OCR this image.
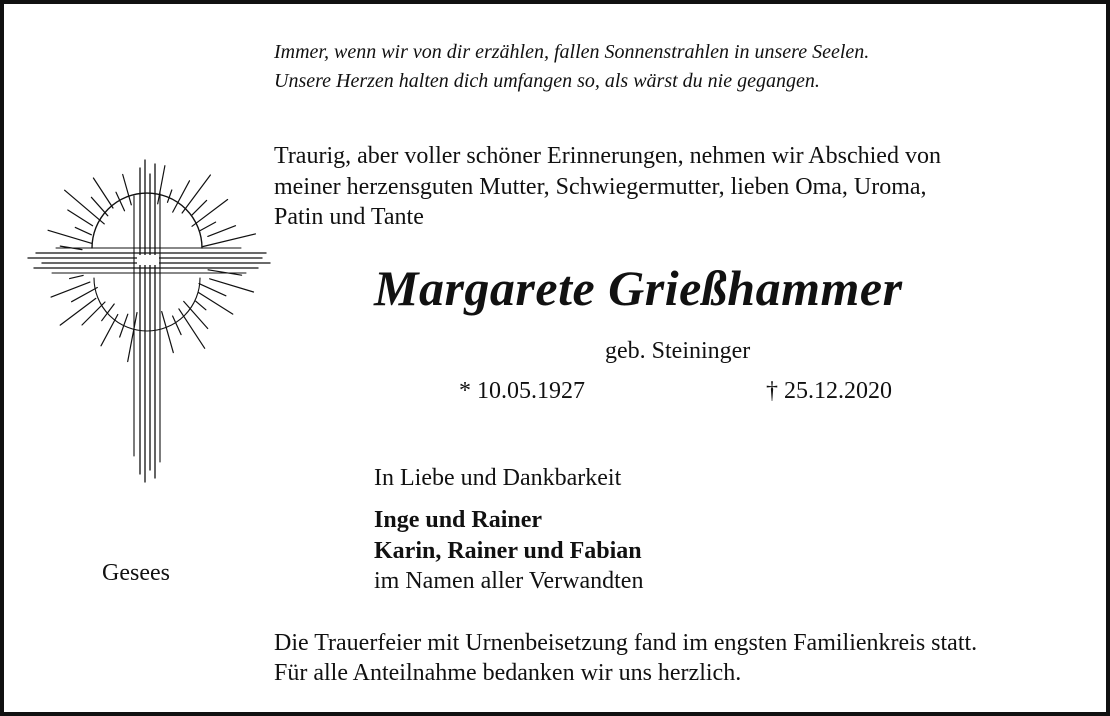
Immer, wenn wir von dir erzählen, fallen Sonnenstrahlen in unsere Seelen.
Unsere Herzen halten dich umfangen so, als wärst du nie gegangen.
Traurig, aber voller schöner Erinnerungen, nehmen wir Abschied von
meiner herzensguten Mutter, Schwiegermutter, lieben Oma, Uroma,
Patin und Tante
Margarete Grießhammer
geb. Steininger
* 10.05.1927	† 25.12.2020
In Liebe und Dankbarkeit
Inge und Rainer
Karin, Rainer und Fabian
im Namen aller Verwandten
Gesees
Die Trauerfeier mit Urnenbeisetzung fand im engsten Familienkreis statt.
Für alle Anteilnahme bedanken wir uns herzlich.
